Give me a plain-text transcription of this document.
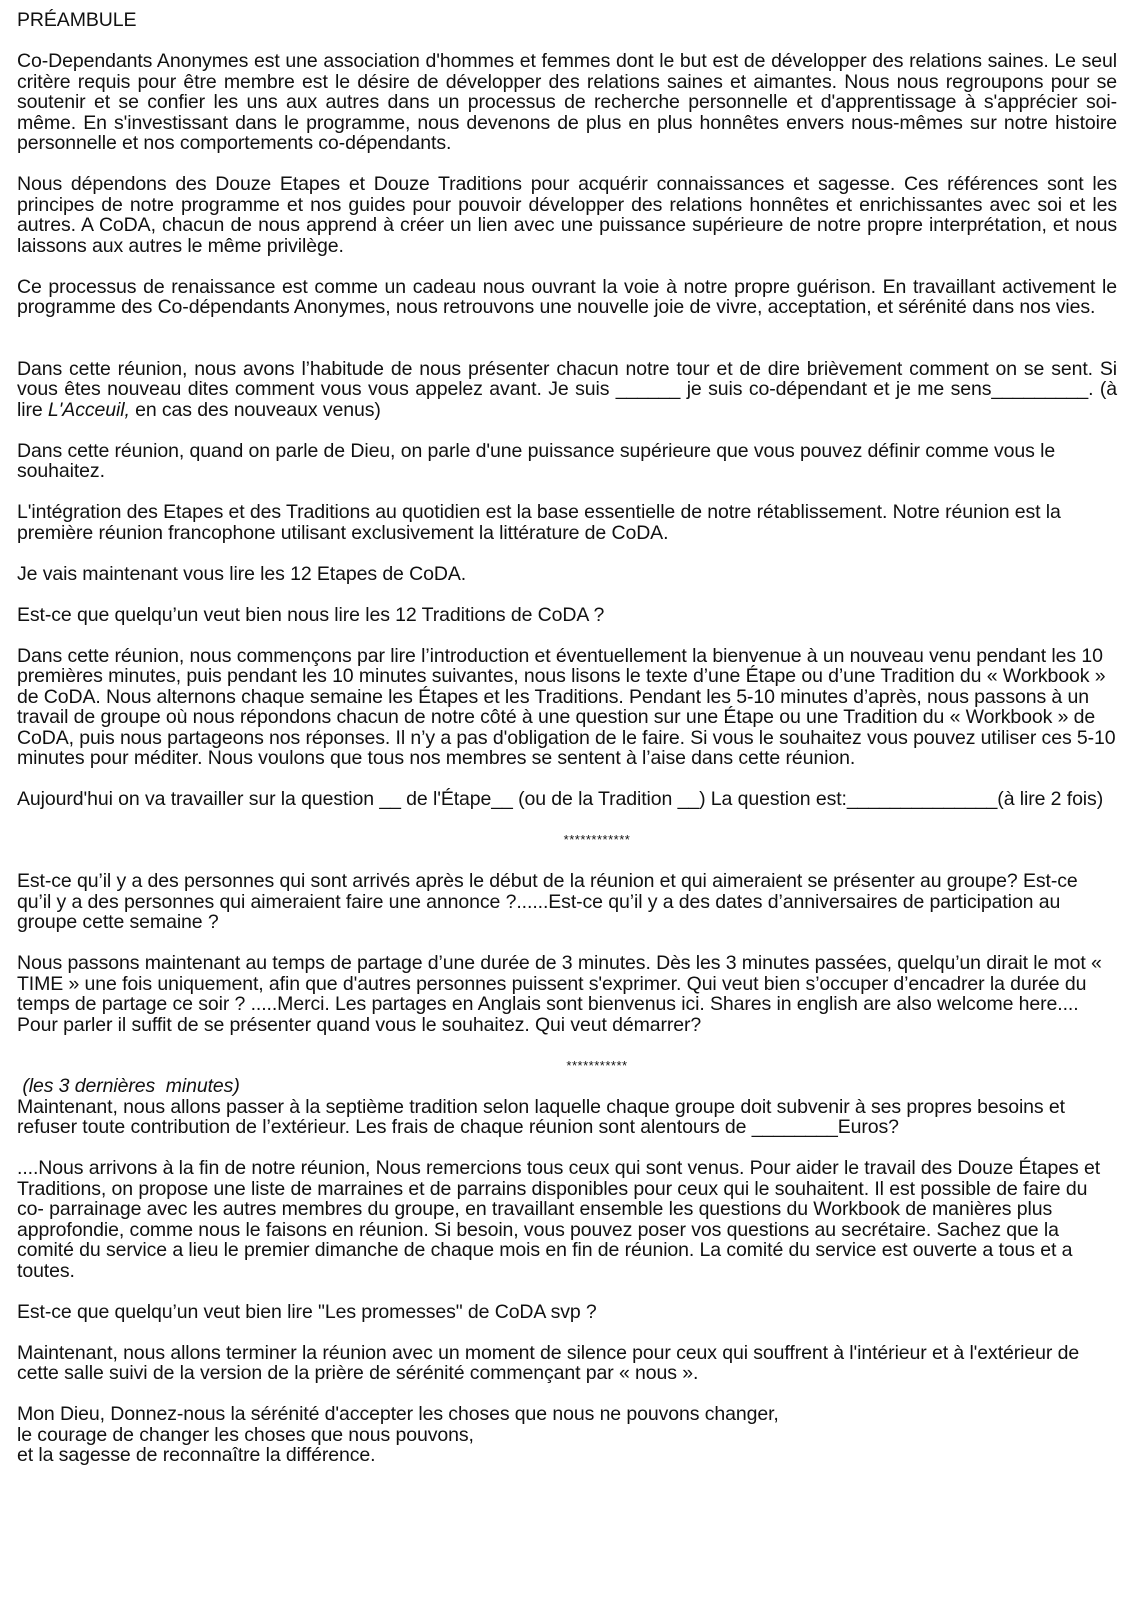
PRÉAMBULE

Co-Dependants Anonymes est une association d'hommes et femmes dont le but est de développer des relations saines. Le seul critère requis pour être membre est le désire de développer des relations saines et aimantes. Nous nous regroupons pour se soutenir et se confier les uns aux autres dans un processus de recherche personnelle et d'apprentissage à s'apprécier soi-même. En s'investissant dans le programme, nous devenons de plus en plus honnêtes envers nous-mêmes sur notre histoire personnelle et nos comportements co-dépendants.

Nous dépendons des Douze Etapes et Douze Traditions pour acquérir connaissances et sagesse. Ces références sont les principes de notre programme et nos guides pour pouvoir développer des relations honnêtes et enrichissantes avec soi et les autres. A CoDA, chacun de nous apprend à créer un lien avec une puissance supérieure de notre propre interprétation, et nous laissons aux autres le même privilège.

Ce processus de renaissance est comme un cadeau nous ouvrant la voie à notre propre guérison. En travaillant activement le programme des Co-dépendants Anonymes, nous retrouvons une nouvelle joie de vivre, acceptation, et sérénité dans nos vies.

Dans cette réunion, nous avons l’habitude de nous présenter chacun notre tour et de dire brièvement comment on se sent. Si vous êtes nouveau dites comment vous vous appelez avant. Je suis ______ je suis co-dépendant et je me sens_________. (à lire L'Acceuil, en cas des nouveaux venus)

Dans cette réunion, quand on parle de Dieu, on parle d'une puissance supérieure que vous pouvez définir comme vous le souhaitez.

L'intégration des Etapes et des Traditions au quotidien est la base essentielle de notre rétablissement. Notre réunion est la première réunion francophone utilisant exclusivement la littérature de CoDA.

Je vais maintenant vous lire les 12 Etapes de CoDA.

Est-ce que quelqu’un veut bien nous lire les 12 Traditions de CoDA ?

Dans cette réunion, nous commençons par lire l’introduction et éventuellement la bienvenue à un nouveau venu pendant les 10 premières minutes, puis pendant les 10 minutes suivantes, nous lisons le texte d’une Étape ou d’une Tradition du « Workbook » de CoDA. Nous alternons chaque semaine les Étapes et les Traditions. Pendant les 5-10 minutes d’après, nous passons à un travail de groupe où nous répondons chacun de notre côté à une question sur une Étape ou une Tradition du « Workbook » de CoDA, puis nous partageons nos réponses. Il n’y a pas d'obligation de le faire. Si vous le souhaitez vous pouvez utiliser ces 5-10 minutes pour méditer. Nous voulons que tous nos membres se sentent à l’aise dans cette réunion.

Aujourd'hui on va travailler sur la question __ de l'Étape__ (ou de la Tradition __) La question est:______________(à lire 2 fois)

************

Est-ce qu’il y a des personnes qui sont arrivés après le début de la réunion et qui aimeraient se présenter au groupe? Est-ce qu’il y a des personnes qui aimeraient faire une annonce ?......Est-ce qu’il y a des dates d’anniversaires de participation au groupe cette semaine ?

Nous passons maintenant au temps de partage d’une durée de 3 minutes. Dès les 3 minutes passées, quelqu’un dirait le mot « TIME » une fois uniquement, afin que d'autres personnes puissent s'exprimer. Qui veut bien s’occuper d’encadrer la durée du temps de partage ce soir ? .....Merci. Les partages en Anglais sont bienvenus ici. Shares in english are also welcome here.... Pour parler il suffit de se présenter quand vous le souhaitez. Qui veut démarrer?

***********

(les 3 dernières  minutes)

Maintenant, nous allons passer à la septième tradition selon laquelle chaque groupe doit subvenir à ses propres besoins et refuser toute contribution de l’extérieur. Les frais de chaque réunion sont alentours de ________Euros?

....Nous arrivons à la fin de notre réunion, Nous remercions tous ceux qui sont venus. Pour aider le travail des Douze Étapes et Traditions, on propose une liste de marraines et de parrains disponibles pour ceux qui le souhaitent. Il est possible de faire du co- parrainage avec les autres membres du groupe, en travaillant ensemble les questions du Workbook de manières plus approfondie, comme nous le faisons en réunion. Si besoin, vous pouvez poser vos questions au secrétaire. Sachez que la comité du service a lieu le premier dimanche de chaque mois en fin de réunion. La comité du service est ouverte a tous et a toutes.

Est-ce que quelqu’un veut bien lire "Les promesses" de CoDA svp ?

Maintenant, nous allons terminer la réunion avec un moment de silence pour ceux qui souffrent à l'intérieur et à l'extérieur de cette salle suivi de la version de la prière de sérénité commençant par « nous ».

Mon Dieu, Donnez-nous la sérénité d'accepter les choses que nous ne pouvons changer,

le courage de changer les choses que nous pouvons,

et la sagesse de reconnaître la différence.
